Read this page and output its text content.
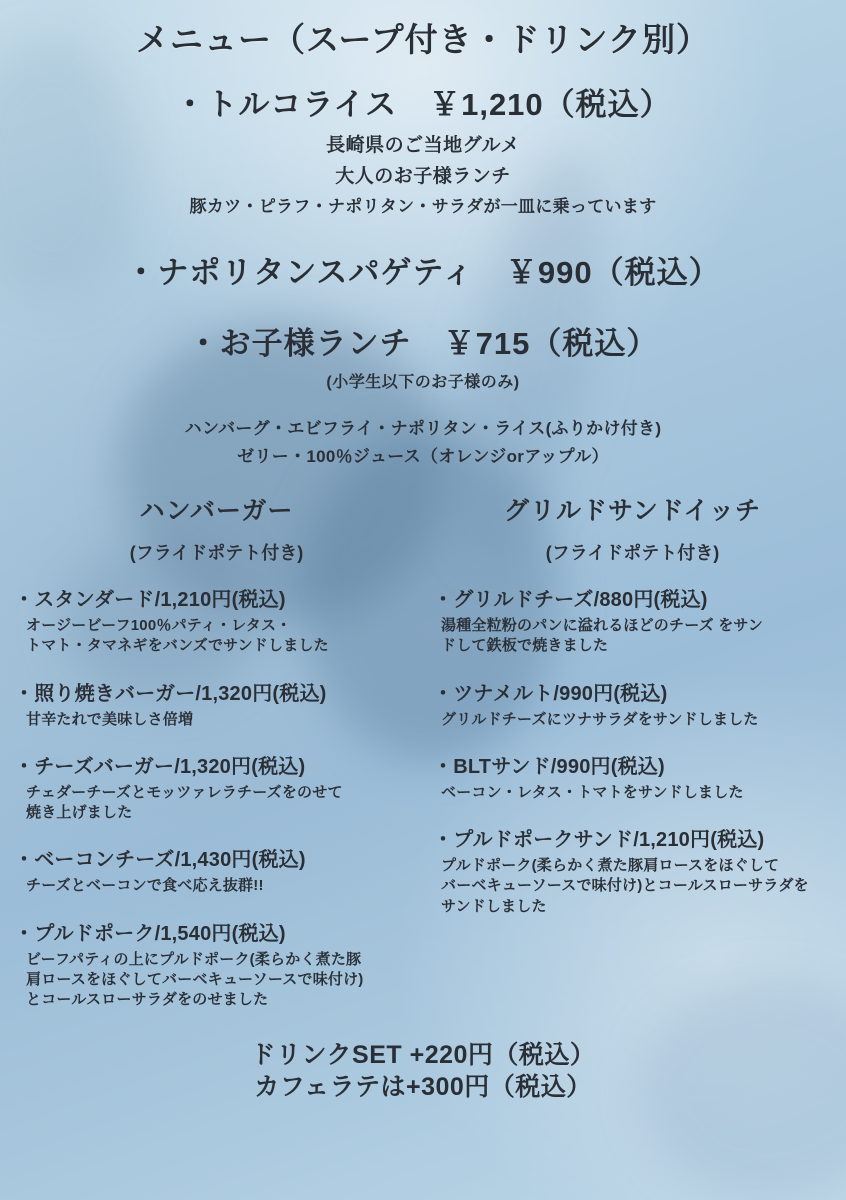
メニュー（スープ付き・ドリンク別）
・トルコライス　￥1,210（税込）
長崎県のご当地グルメ
大人のお子様ランチ
豚カツ・ピラフ・ナポリタン・サラダが一皿に乗っています
・ナポリタンスパゲティ　￥990（税込）
・お子様ランチ　￥715（税込）
(小学生以下のお子様のみ)
ハンバーグ・エビフライ・ナポリタン・ライス(ふりかけ付き)
ゼリー・100％ジュース（オレンジorアップル）
ハンバーガー
(フライドポテト付き)
・スタンダード/1,210円(税込)
オージービーフ100％パティ・レタス・
トマト・タマネギをバンズでサンドしました
・照り焼きバーガー/1,320円(税込)
甘辛たれで美味しさ倍増
・チーズバーガー/1,320円(税込)
チェダーチーズとモッツァレラチーズをのせて
焼き上げました
・ベーコンチーズ/1,430円(税込)
チーズとベーコンで食べ応え抜群!!
・プルドポーク/1,540円(税込)
ビーフパティの上にプルドポーク(柔らかく煮た豚
肩ロースをほぐしてバーベキューソースで味付け)
とコールスローサラダをのせました
グリルドサンドイッチ
(フライドポテト付き)
・グリルドチーズ/880円(税込)
湯種全粒粉のパンに溢れるほどのチーズ をサン
ドして鉄板で焼きました
・ツナメルト/990円(税込)
グリルドチーズにツナサラダをサンドしました
・BLTサンド/990円(税込)
ベーコン・レタス・トマトをサンドしました
・プルドポークサンド/1,210円(税込)
プルドポーク(柔らかく煮た豚肩ロースをほぐして
バーベキューソースで味付け)とコールスローサラダを
サンドしました
ドリンクSET +220円（税込）
カフェラテは+300円（税込）
